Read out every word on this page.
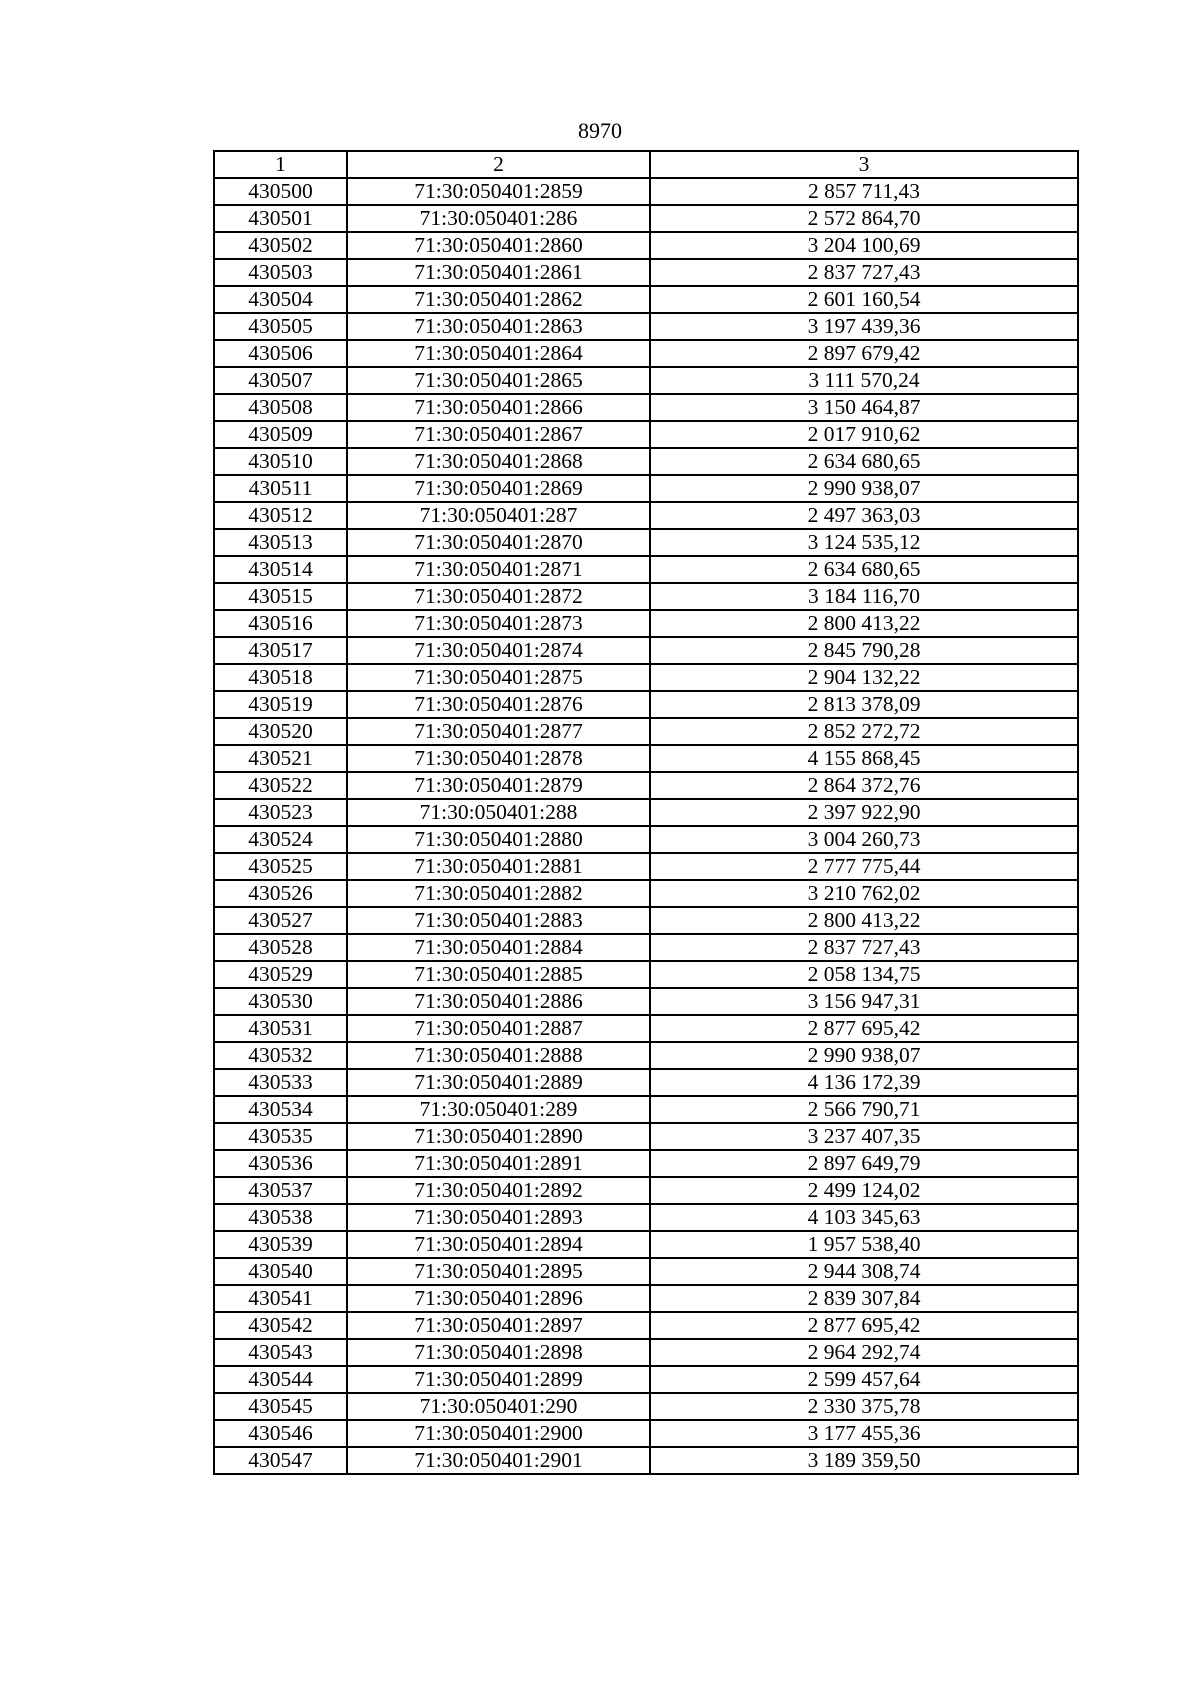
8970
1	2	3
430500	71:30:050401:2859	2 857 711,43
430501	71:30:050401:286	2 572 864,70
430502	71:30:050401:2860	3 204 100,69
430503	71:30:050401:2861	2 837 727,43
430504	71:30:050401:2862	2 601 160,54
430505	71:30:050401:2863	3 197 439,36
430506	71:30:050401:2864	2 897 679,42
430507	71:30:050401:2865	3 111 570,24
430508	71:30:050401:2866	3 150 464,87
430509	71:30:050401:2867	2 017 910,62
430510	71:30:050401:2868	2 634 680,65
430511	71:30:050401:2869	2 990 938,07
430512	71:30:050401:287	2 497 363,03
430513	71:30:050401:2870	3 124 535,12
430514	71:30:050401:2871	2 634 680,65
430515	71:30:050401:2872	3 184 116,70
430516	71:30:050401:2873	2 800 413,22
430517	71:30:050401:2874	2 845 790,28
430518	71:30:050401:2875	2 904 132,22
430519	71:30:050401:2876	2 813 378,09
430520	71:30:050401:2877	2 852 272,72
430521	71:30:050401:2878	4 155 868,45
430522	71:30:050401:2879	2 864 372,76
430523	71:30:050401:288	2 397 922,90
430524	71:30:050401:2880	3 004 260,73
430525	71:30:050401:2881	2 777 775,44
430526	71:30:050401:2882	3 210 762,02
430527	71:30:050401:2883	2 800 413,22
430528	71:30:050401:2884	2 837 727,43
430529	71:30:050401:2885	2 058 134,75
430530	71:30:050401:2886	3 156 947,31
430531	71:30:050401:2887	2 877 695,42
430532	71:30:050401:2888	2 990 938,07
430533	71:30:050401:2889	4 136 172,39
430534	71:30:050401:289	2 566 790,71
430535	71:30:050401:2890	3 237 407,35
430536	71:30:050401:2891	2 897 649,79
430537	71:30:050401:2892	2 499 124,02
430538	71:30:050401:2893	4 103 345,63
430539	71:30:050401:2894	1 957 538,40
430540	71:30:050401:2895	2 944 308,74
430541	71:30:050401:2896	2 839 307,84
430542	71:30:050401:2897	2 877 695,42
430543	71:30:050401:2898	2 964 292,74
430544	71:30:050401:2899	2 599 457,64
430545	71:30:050401:290	2 330 375,78
430546	71:30:050401:2900	3 177 455,36
430547	71:30:050401:2901	3 189 359,50
